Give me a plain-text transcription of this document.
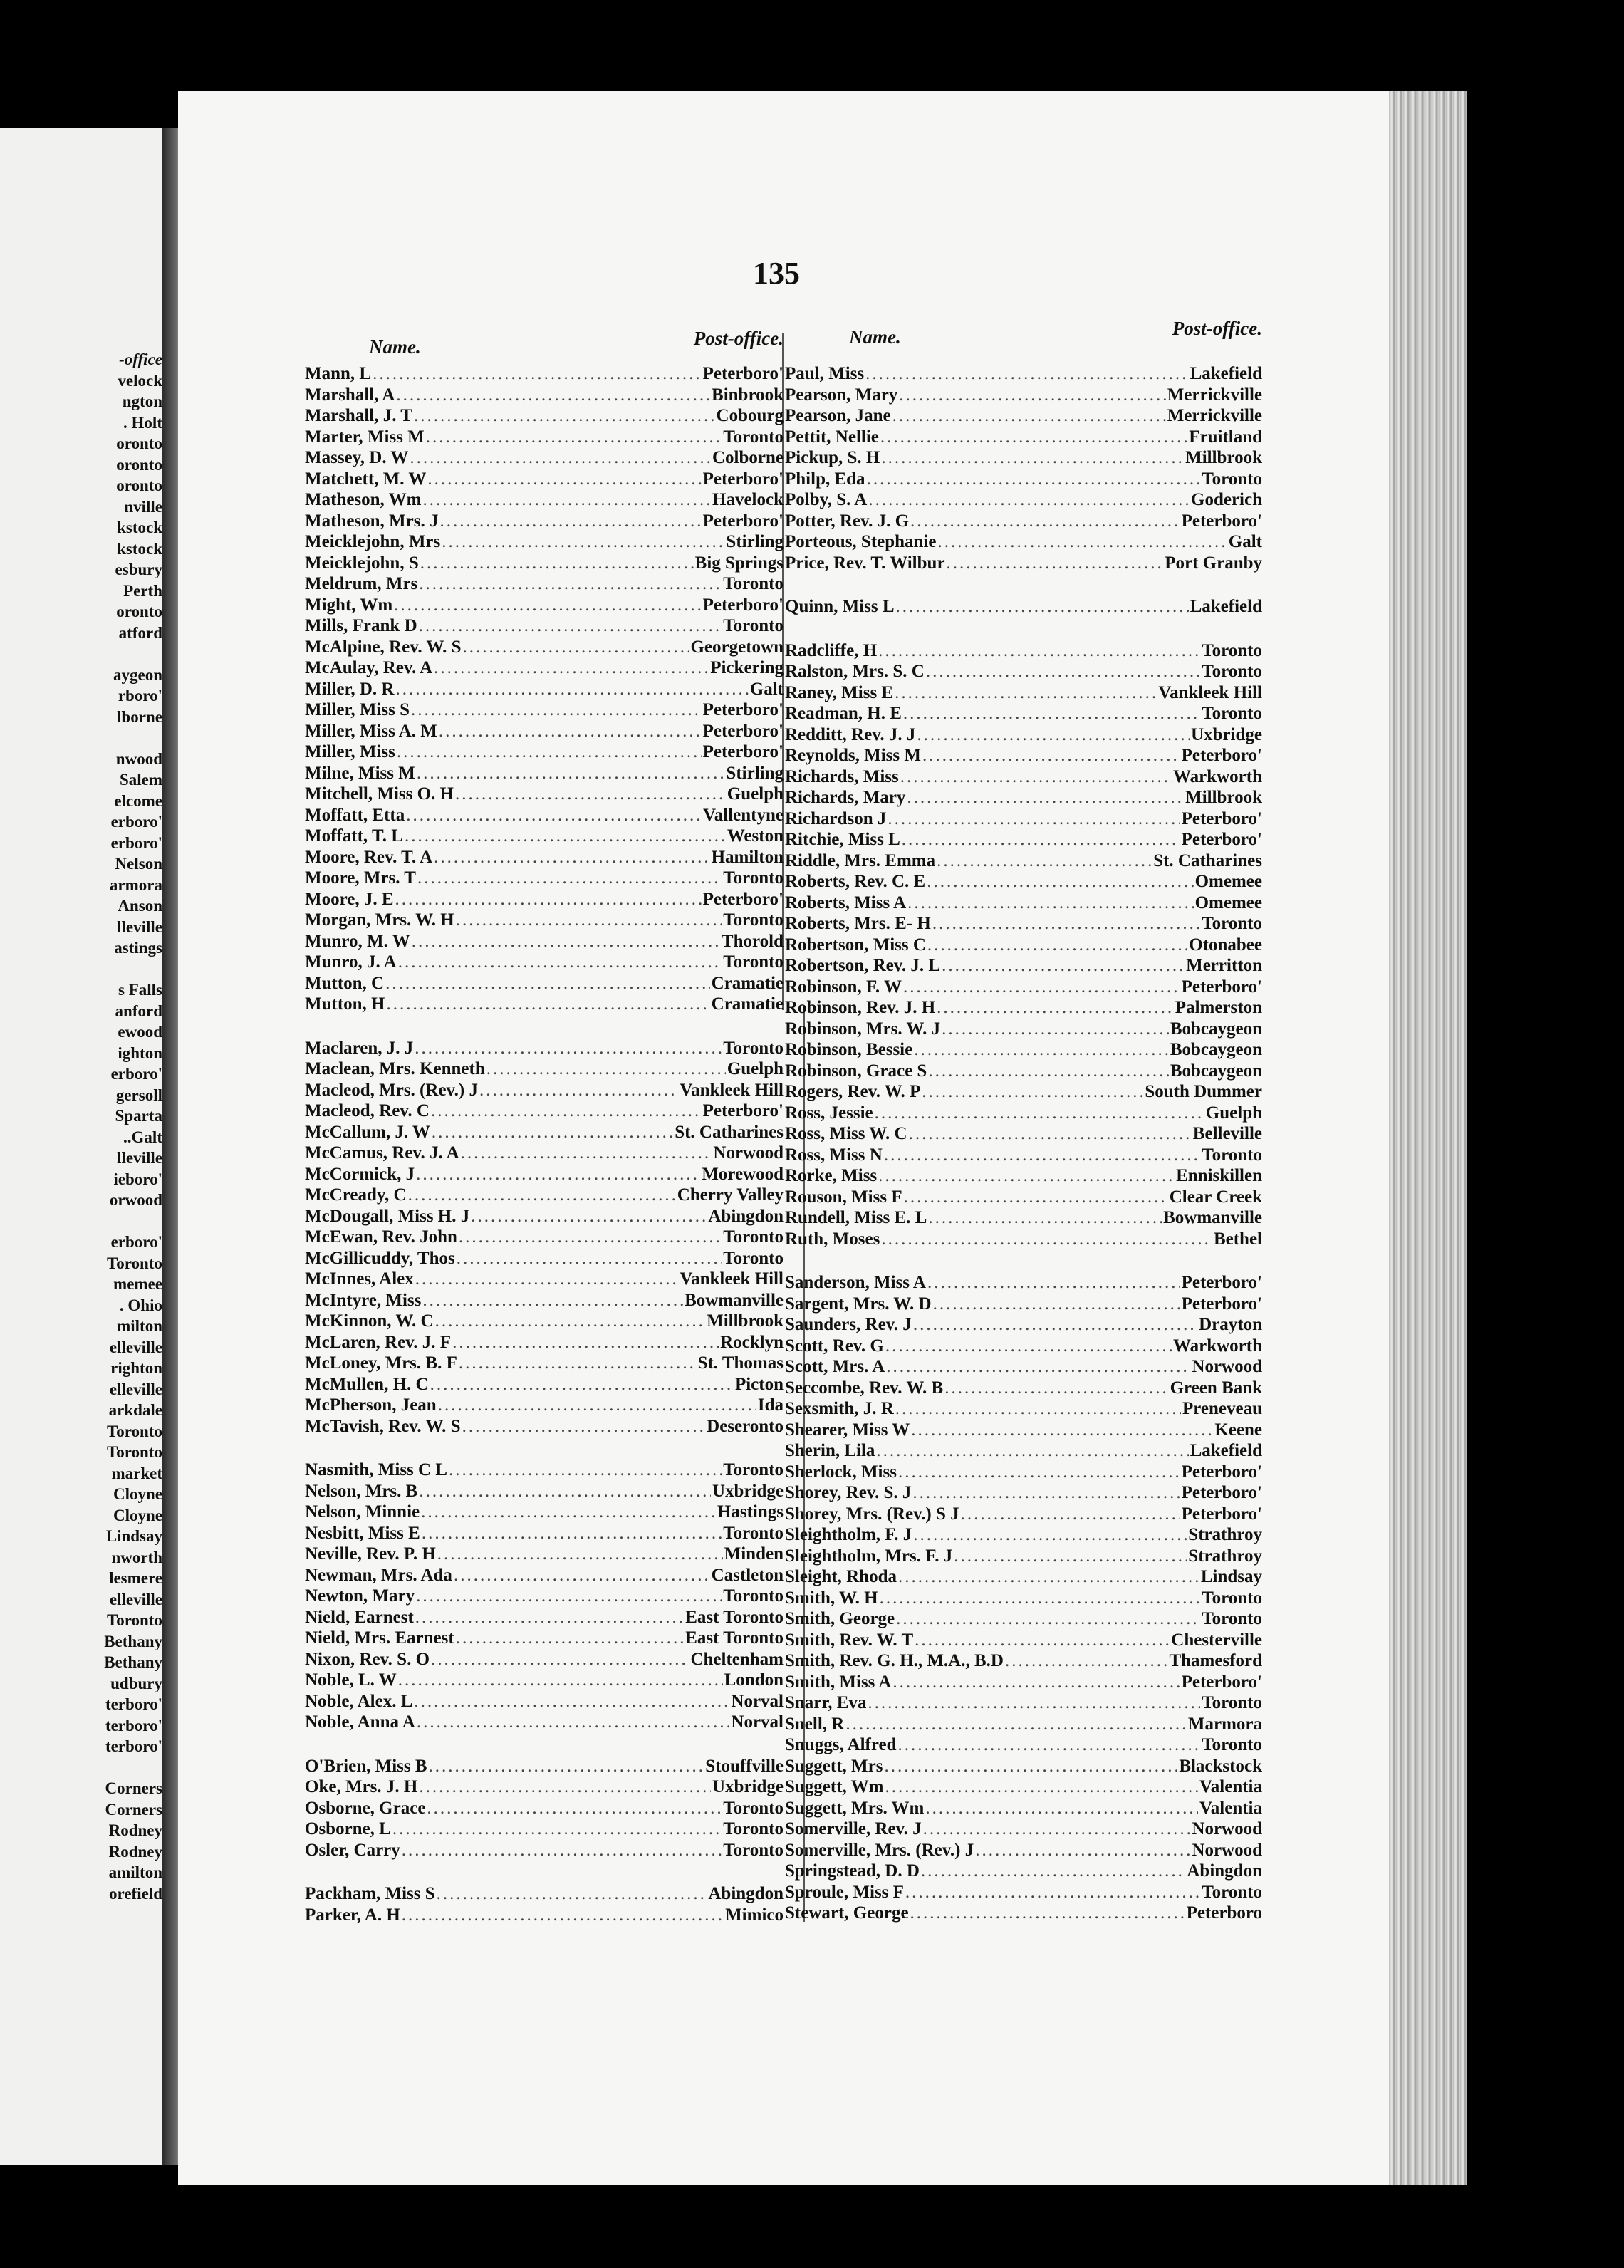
-office
velock
ngton
. Holt
oronto
oronto
oronto
nville
kstock
kstock
esbury
Perth
oronto
atford
aygeon
rboro'
lborne
nwood
Salem
elcome
erboro'
erboro'
Nelson
armora
Anson
lleville
astings
s Falls
anford
ewood
ighton
erboro'
gersoll
Sparta
..Galt
lleville
ieboro'
orwood
erboro'
Toronto
memee
. Ohio
milton
elleville
righton
elleville
arkdale
Toronto
Toronto
market
Cloyne
Cloyne
Lindsay
nworth
lesmere
elleville
Toronto
Bethany
Bethany
udbury
terboro'
terboro'
terboro'
Corners
Corners
Rodney
Rodney
amilton
orefield
135
Name.	Post-office.
Mann, L .....	Peterboro'
Marshall, A .....	Binbrook
Marshall, J. T .....	Cobourg
Marter, Miss M .....	Toronto
Massey, D. W .....	Colborne
Matchett, M. W .....	Peterboro'
Matheson, Wm .....	Havelock
Matheson, Mrs. J .....	Peterboro'
Meicklejohn, Mrs .....	Stirling
Meicklejohn, S .....	Big Springs
Meldrum, Mrs .....	Toronto
Might, Wm .....	Peterboro'
Mills, Frank D .....	Toronto
McAlpine, Rev. W. S .....	Georgetown
McAulay, Rev. A .....	Pickering
Miller, D. R .....	Galt
Miller, Miss S .....	Peterboro'
Miller, Miss A. M .....	Peterboro'
Miller, Miss .....	Peterboro'
Milne, Miss M .....	Stirling
Mitchell, Miss O. H .....	Guelph
Moffatt, Etta .....	Vallentyne
Moffatt, T. L .....	Weston
Moore, Rev. T. A .....	Hamilton
Moore, Mrs. T .....	Toronto
Moore, J. E .....	Peterboro'
Morgan, Mrs. W. H .....	Toronto
Munro, M. W .....	Thorold
Munro, J. A .....	Toronto
Mutton, C .....	Cramatie
Mutton, H .....	Cramatie
Maclaren, J. J .....	Toronto
Maclean, Mrs. Kenneth .....	Guelph
Macleod, Mrs. (Rev.) J .....	Vankleek Hill
Macleod, Rev. C .....	Peterboro'
McCallum, J. W .....	St. Catharines
McCamus, Rev. J. A .....	Norwood
McCormick, J .....	Morewood
McCready, C .....	Cherry Valley
McDougall, Miss H. J .....	Abingdon
McEwan, Rev. John .....	Toronto
McGillicuddy, Thos .....	Toronto
McInnes, Alex .....	Vankleek Hill
McIntyre, Miss .....	Bowmanville
McKinnon, W. C .....	Millbrook
McLaren, Rev. J. F .....	Rocklyn
McLoney, Mrs. B. F .....	St. Thomas
McMullen, H. C .....	Picton
McPherson, Jean .....	Ida
McTavish, Rev. W. S .....	Deseronto
Nasmith, Miss C L .....	Toronto
Nelson, Mrs. B .....	Uxbridge
Nelson, Minnie .....	Hastings
Nesbitt, Miss E .....	Toronto
Neville, Rev. P. H .....	Minden
Newman, Mrs. Ada .....	Castleton
Newton, Mary .....	Toronto
Nield, Earnest .....	East Toronto
Nield, Mrs. Earnest .....	East Toronto
Nixon, Rev. S. O .....	Cheltenham
Noble, L. W .....	London
Noble, Alex. L .....	Norval
Noble, Anna A .....	Norval
O'Brien, Miss B .....	Stouffville
Oke, Mrs. J. H .....	Uxbridge
Osborne, Grace .....	Toronto
Osborne, L .....	Toronto
Osler, Carry .....	Toronto
Packham, Miss S .....	Abingdon
Parker, A. H .....	Mimico
Name.	Post-office.
Paul, Miss .....	Lakefield
Pearson, Mary .....	Merrickville
Pearson, Jane .....	Merrickville
Pettit, Nellie .....	Fruitland
Pickup, S. H .....	Millbrook
Philp, Eda .....	Toronto
Polby, S. A .....	Goderich
Potter, Rev. J. G .....	Peterboro'
Porteous, Stephanie .....	Galt
Price, Rev. T. Wilbur .....	Port Granby
Quinn, Miss L .....	Lakefield
Radcliffe, H .....	Toronto
Ralston, Mrs. S. C .....	Toronto
Raney, Miss E .....	Vankleek Hill
Readman, H. E .....	Toronto
Redditt, Rev. J. J .....	Uxbridge
Reynolds, Miss M .....	Peterboro'
Richards, Miss .....	Warkworth
Richards, Mary .....	Millbrook
Richardson J .....	Peterboro'
Ritchie, Miss L .....	Peterboro'
Riddle, Mrs. Emma .....	St. Catharines
Roberts, Rev. C. E .....	Omemee
Roberts, Miss A .....	Omemee
Roberts, Mrs. E- H .....	Toronto
Robertson, Miss C .....	Otonabee
Robertson, Rev. J. L .....	Merritton
Robinson, F. W .....	Peterboro'
Robinson, Rev. J. H .....	Palmerston
Robinson, Mrs. W. J .....	Bobcaygeon
Robinson, Bessie .....	Bobcaygeon
Robinson, Grace S .....	Bobcaygeon
Rogers, Rev. W. P .....	South Dummer
Ross, Jessie .....	Guelph
Ross, Miss W. C .....	Belleville
Ross, Miss N .....	Toronto
Rorke, Miss .....	Enniskillen
Rouson, Miss F .....	Clear Creek
Rundell, Miss E. L .....	Bowmanville
Ruth, Moses .....	Bethel
Sanderson, Miss A .....	Peterboro'
Sargent, Mrs. W. D .....	Peterboro'
Saunders, Rev. J .....	Drayton
Scott, Rev. G .....	Warkworth
Scott, Mrs. A .....	Norwood
Seccombe, Rev. W. B .....	Green Bank
Sexsmith, J. R .....	Preneveau
Shearer, Miss W .....	Keene
Sherin, Lila .....	Lakefield
Sherlock, Miss .....	Peterboro'
Shorey, Rev. S. J .....	Peterboro'
Shorey, Mrs. (Rev.) S J .....	Peterboro'
Sleightholm, F. J .....	Strathroy
Sleightholm, Mrs. F. J .....	Strathroy
Sleight, Rhoda .....	Lindsay
Smith, W. H .....	Toronto
Smith, George .....	Toronto
Smith, Rev. W. T .....	Chesterville
Smith, Rev. G. H., M.A., B.D .....	Thamesford
Smith, Miss A .....	Peterboro'
Snarr, Eva .....	Toronto
Snell, R .....	Marmora
Snuggs, Alfred .....	Toronto
Suggett, Mrs .....	Blackstock
Suggett, Wm .....	Valentia
Suggett, Mrs. Wm .....	Valentia
Somerville, Rev. J .....	Norwood
Somerville, Mrs. (Rev.) J .....	Norwood
Springstead, D. D .....	Abingdon
Sproule, Miss F .....	Toronto
Stewart, George .....	Peterboro
